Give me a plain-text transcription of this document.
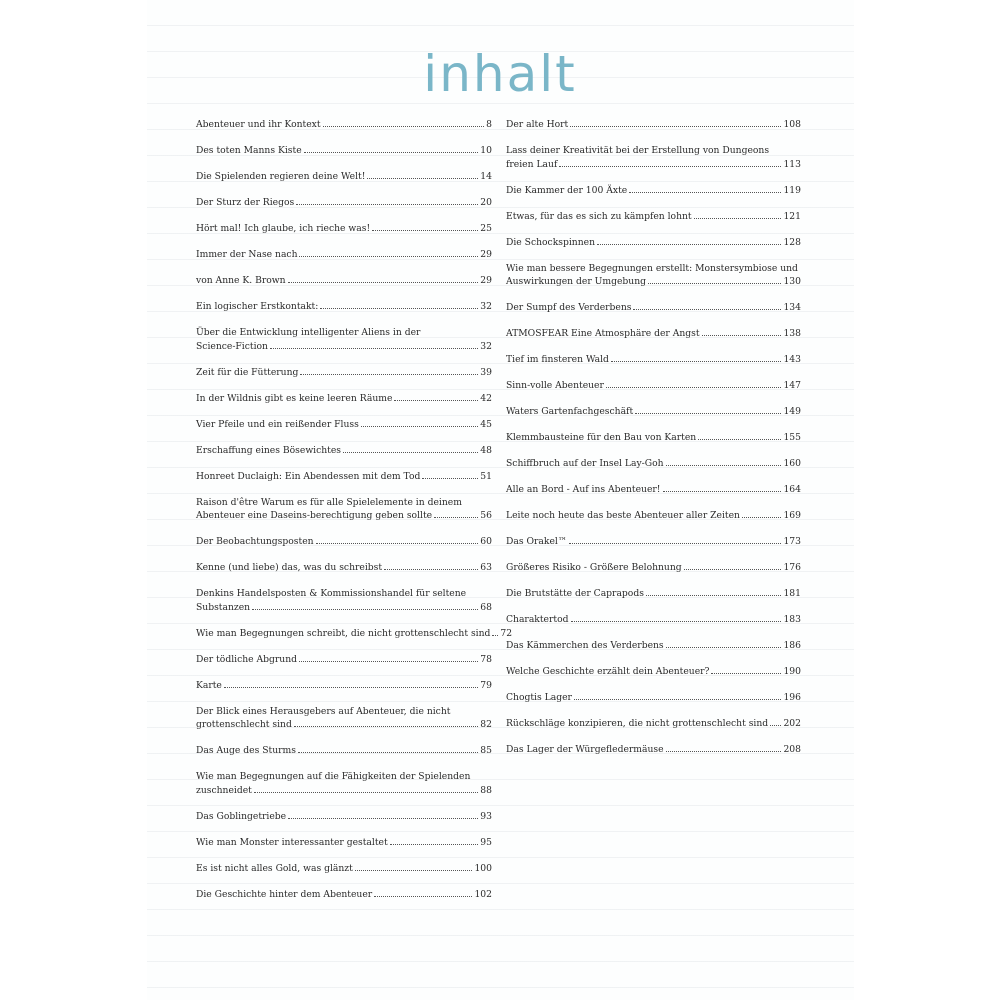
inhalt
Abenteuer und ihr Kontext	8
Des toten Manns Kiste	10
Die Spielenden regieren deine Welt!	14
Der Sturz der Riegos	20
Hört mal! Ich glaube, ich rieche was!	25
Immer der Nase nach	29
von Anne K. Brown	29
Ein logischer Erstkontakt:	32
Über die Entwicklung intelligenter Aliens in der
Science-Fiction	32
Zeit für die Fütterung	39
In der Wildnis gibt es keine leeren Räume	42
Vier Pfeile und ein reißender Fluss	45
Erschaffung eines Bösewichtes	48
Honreet Duclaigh: Ein Abendessen mit dem Tod	51
Raison d'être Warum es für alle Spielelemente in deinem
Abenteuer eine Daseins-berechtigung geben sollte	56
Der Beobachtungsposten	60
Kenne (und liebe) das, was du schreibst	63
Denkins Handelsposten & Kommissionshandel für seltene
Substanzen	68
Wie man Begegnungen schreibt, die nicht grottenschlecht sind 72
Der tödliche Abgrund	78
Karte	79
Der Blick eines Herausgebers auf Abenteuer, die nicht
grottenschlecht sind	82
Das Auge des Sturms	85
Wie man Begegnungen auf die Fähigkeiten der Spielenden
zuschneidet	88
Das Goblingetriebe	93
Wie man Monster interessanter gestaltet	95
Es ist nicht alles Gold, was glänzt	100
Die Geschichte hinter dem Abenteuer	102
Der alte Hort	108
Lass deiner Kreativität bei der Erstellung von Dungeons
freien Lauf	113
Die Kammer der 100 Äxte	119
Etwas, für das es sich zu kämpfen lohnt	121
Die Schockspinnen	128
Wie man bessere Begegnungen erstellt: Monstersymbiose und
Auswirkungen der Umgebung	130
Der Sumpf des Verderbens	134
ATMOSFEAR Eine Atmosphäre der Angst	138
Tief im finsteren Wald	143
Sinn-volle Abenteuer	147
Waters Gartenfachgeschäft	149
Klemmbausteine für den Bau von Karten	155
Schiffbruch auf der Insel Lay-Goh	160
Alle an Bord - Auf ins Abenteuer!	164
Leite noch heute das beste Abenteuer aller Zeiten	169
Das Orakel™	173
Größeres Risiko - Größere Belohnung	176
Die Brutstätte der Caprapods	181
Charaktertod	183
Das Kämmerchen des Verderbens	186
Welche Geschichte erzählt dein Abenteuer?	190
Chogtis Lager	196
Rückschläge konzipieren, die nicht grottenschlecht sind 202
Das Lager der Würgefledermäuse	208
